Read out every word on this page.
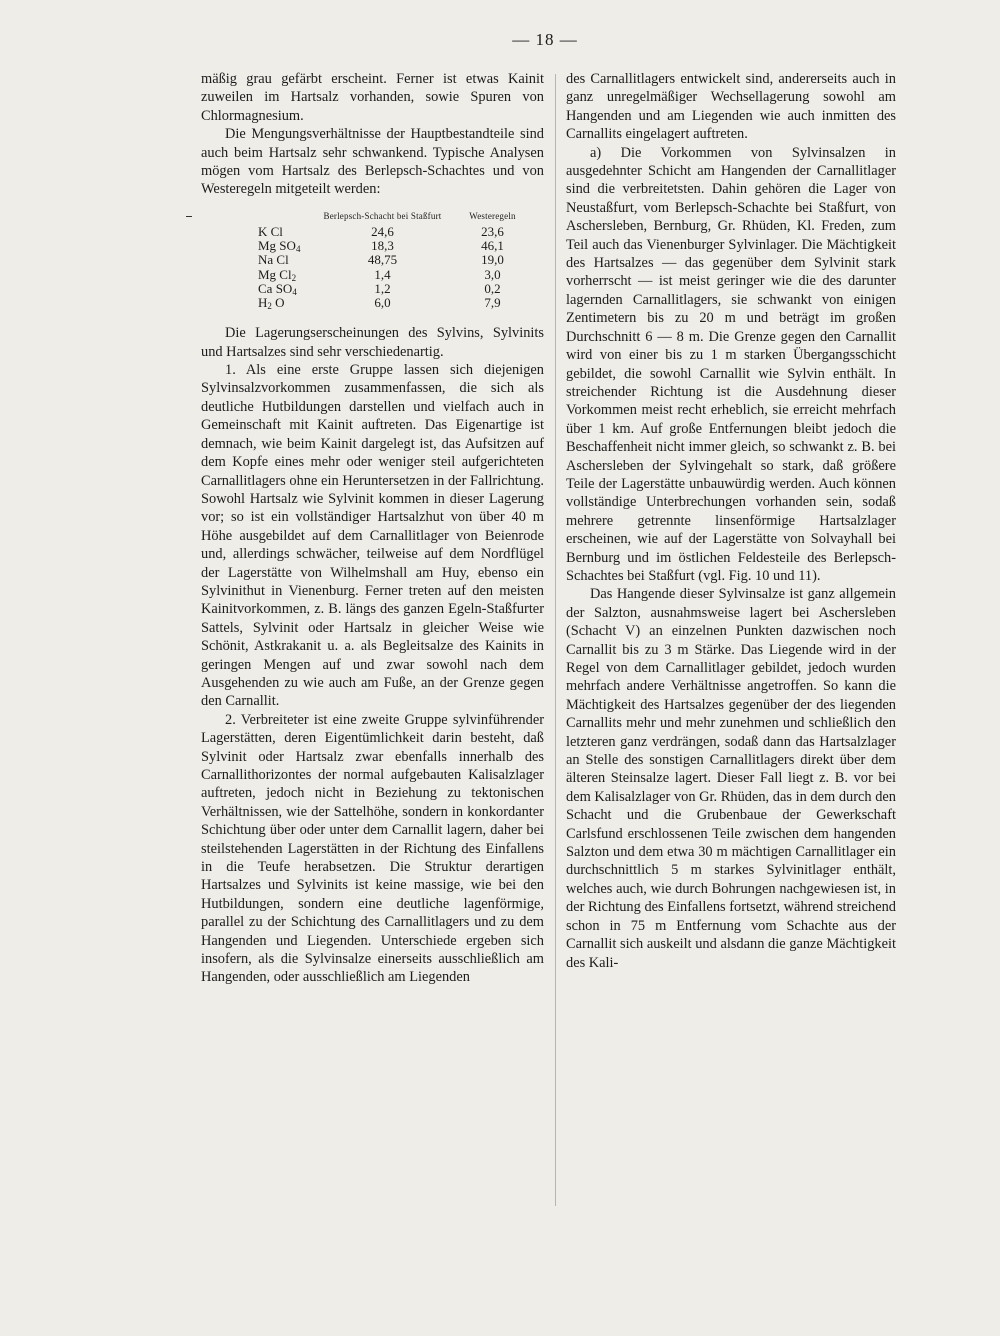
— 18 —

mäßig grau gefärbt erscheint. Ferner ist etwas Kainit zuweilen im Hartsalz vorhanden, sowie Spuren von Chlormagnesium.

Die Mengungsverhältnisse der Hauptbestandteile sind auch beim Hartsalz sehr schwankend. Typische Analysen mögen vom Hartsalz des Berlepsch-Schachtes und von Westeregeln mitgeteilt werden:

	Berlepsch-Schacht bei Staßfurt	Westeregeln
K Cl	24,6	23,6
Mg $SO_4$	18,3	46,1
Na Cl	48,75	19,0
Mg $Cl_2$	1,4	3,0
Ca $SO_4$	1,2	0,2
$H_2$ O	6,0	7,9

Die Lagerungserscheinungen des Sylvins, Sylvinits und Hartsalzes sind sehr verschiedenartig.

1. Als eine erste Gruppe lassen sich diejenigen Sylvinsalzvorkommen zusammenfassen, die sich als deutliche Hutbildungen darstellen und vielfach auch in Gemeinschaft mit Kainit auftreten. Das Eigenartige ist demnach, wie beim Kainit dargelegt ist, das Aufsitzen auf dem Kopfe eines mehr oder weniger steil aufgerichteten Carnallitlagers ohne ein Heruntersetzen in der Fallrichtung. Sowohl Hartsalz wie Sylvinit kommen in dieser Lagerung vor; so ist ein vollständiger Hartsalzhut von über 40 m Höhe ausgebildet auf dem Carnallitlager von Beienrode und, allerdings schwächer, teilweise auf dem Nordflügel der Lagerstätte von Wilhelmshall am Huy, ebenso ein Sylvinithut in Vienenburg. Ferner treten auf den meisten Kainitvorkommen, z. B. längs des ganzen Egeln-Staßfurter Sattels, Sylvinit oder Hartsalz in gleicher Weise wie Schönit, Astkrakanit u. a. als Begleitsalze des Kainits in geringen Mengen auf und zwar sowohl nach dem Ausgehenden zu wie auch am Fuße, an der Grenze gegen den Carnallit.

2. Verbreiteter ist eine zweite Gruppe sylvinführender Lagerstätten, deren Eigentümlichkeit darin besteht, daß Sylvinit oder Hartsalz zwar ebenfalls innerhalb des Carnallithorizontes der normal aufgebauten Kalisalzlager auftreten, jedoch nicht in Beziehung zu tektonischen Verhältnissen, wie der Sattelhöhe, sondern in konkordanter Schichtung über oder unter dem Carnallit lagern, daher bei steilstehenden Lagerstätten in der Richtung des Einfallens in die Teufe herabsetzen. Die Struktur derartigen Hartsalzes und Sylvinits ist keine massige, wie bei den Hutbildungen, sondern eine deutliche lagenförmige, parallel zu der Schichtung des Carnallitlagers und zu dem Hangenden und Liegenden. Unterschiede ergeben sich insofern, als die Sylvinsalze einerseits ausschließlich am Hangenden, oder ausschließlich am Liegenden

des Carnallitlagers entwickelt sind, andererseits auch in ganz unregelmäßiger Wechsellagerung sowohl am Hangenden und am Liegenden wie auch inmitten des Carnallits eingelagert auftreten.

a) Die Vorkommen von Sylvinsalzen in ausgedehnter Schicht am Hangenden der Carnallitlager sind die verbreitetsten. Dahin gehören die Lager von Neustaßfurt, vom Berlepsch-Schachte bei Staßfurt, von Aschersleben, Bernburg, Gr. Rhüden, Kl. Freden, zum Teil auch das Vienenburger Sylvinlager. Die Mächtigkeit des Hartsalzes — das gegenüber dem Sylvinit stark vorherrscht — ist meist geringer wie die des darunter lagernden Carnallitlagers, sie schwankt von einigen Zentimetern bis zu 20 m und beträgt im großen Durchschnitt 6 — 8 m. Die Grenze gegen den Carnallit wird von einer bis zu 1 m starken Übergangsschicht gebildet, die sowohl Carnallit wie Sylvin enthält. In streichender Richtung ist die Ausdehnung dieser Vorkommen meist recht erheblich, sie erreicht mehrfach über 1 km. Auf große Entfernungen bleibt jedoch die Beschaffenheit nicht immer gleich, so schwankt z. B. bei Aschersleben der Sylvingehalt so stark, daß größere Teile der Lagerstätte unbauwürdig werden. Auch können vollständige Unterbrechungen vorhanden sein, sodaß mehrere getrennte linsenförmige Hartsalzlager erscheinen, wie auf der Lagerstätte von Solvayhall bei Bernburg und im östlichen Feldesteile des Berlepsch-Schachtes bei Staßfurt (vgl. Fig. 10 und 11).

Das Hangende dieser Sylvinsalze ist ganz allgemein der Salzton, ausnahmsweise lagert bei Aschersleben (Schacht V) an einzelnen Punkten dazwischen noch Carnallit bis zu 3 m Stärke. Das Liegende wird in der Regel von dem Carnallitlager gebildet, jedoch wurden mehrfach andere Verhältnisse angetroffen. So kann die Mächtigkeit des Hartsalzes gegenüber der des liegenden Carnallits mehr und mehr zunehmen und schließlich den letzteren ganz verdrängen, sodaß dann das Hartsalzlager an Stelle des sonstigen Carnallitlagers direkt über dem älteren Steinsalze lagert. Dieser Fall liegt z. B. vor bei dem Kalisalzlager von Gr. Rhüden, das in dem durch den Schacht und die Grubenbaue der Gewerkschaft Carlsfund erschlossenen Teile zwischen dem hangenden Salzton und dem etwa 30 m mächtigen Carnallitlager ein durchschnittlich 5 m starkes Sylvinitlager enthält, welches auch, wie durch Bohrungen nachgewiesen ist, in der Richtung des Einfallens fortsetzt, während streichend schon in 75 m Entfernung vom Schachte aus der Carnallit sich auskeilt und alsdann die ganze Mächtigkeit des Kali-
